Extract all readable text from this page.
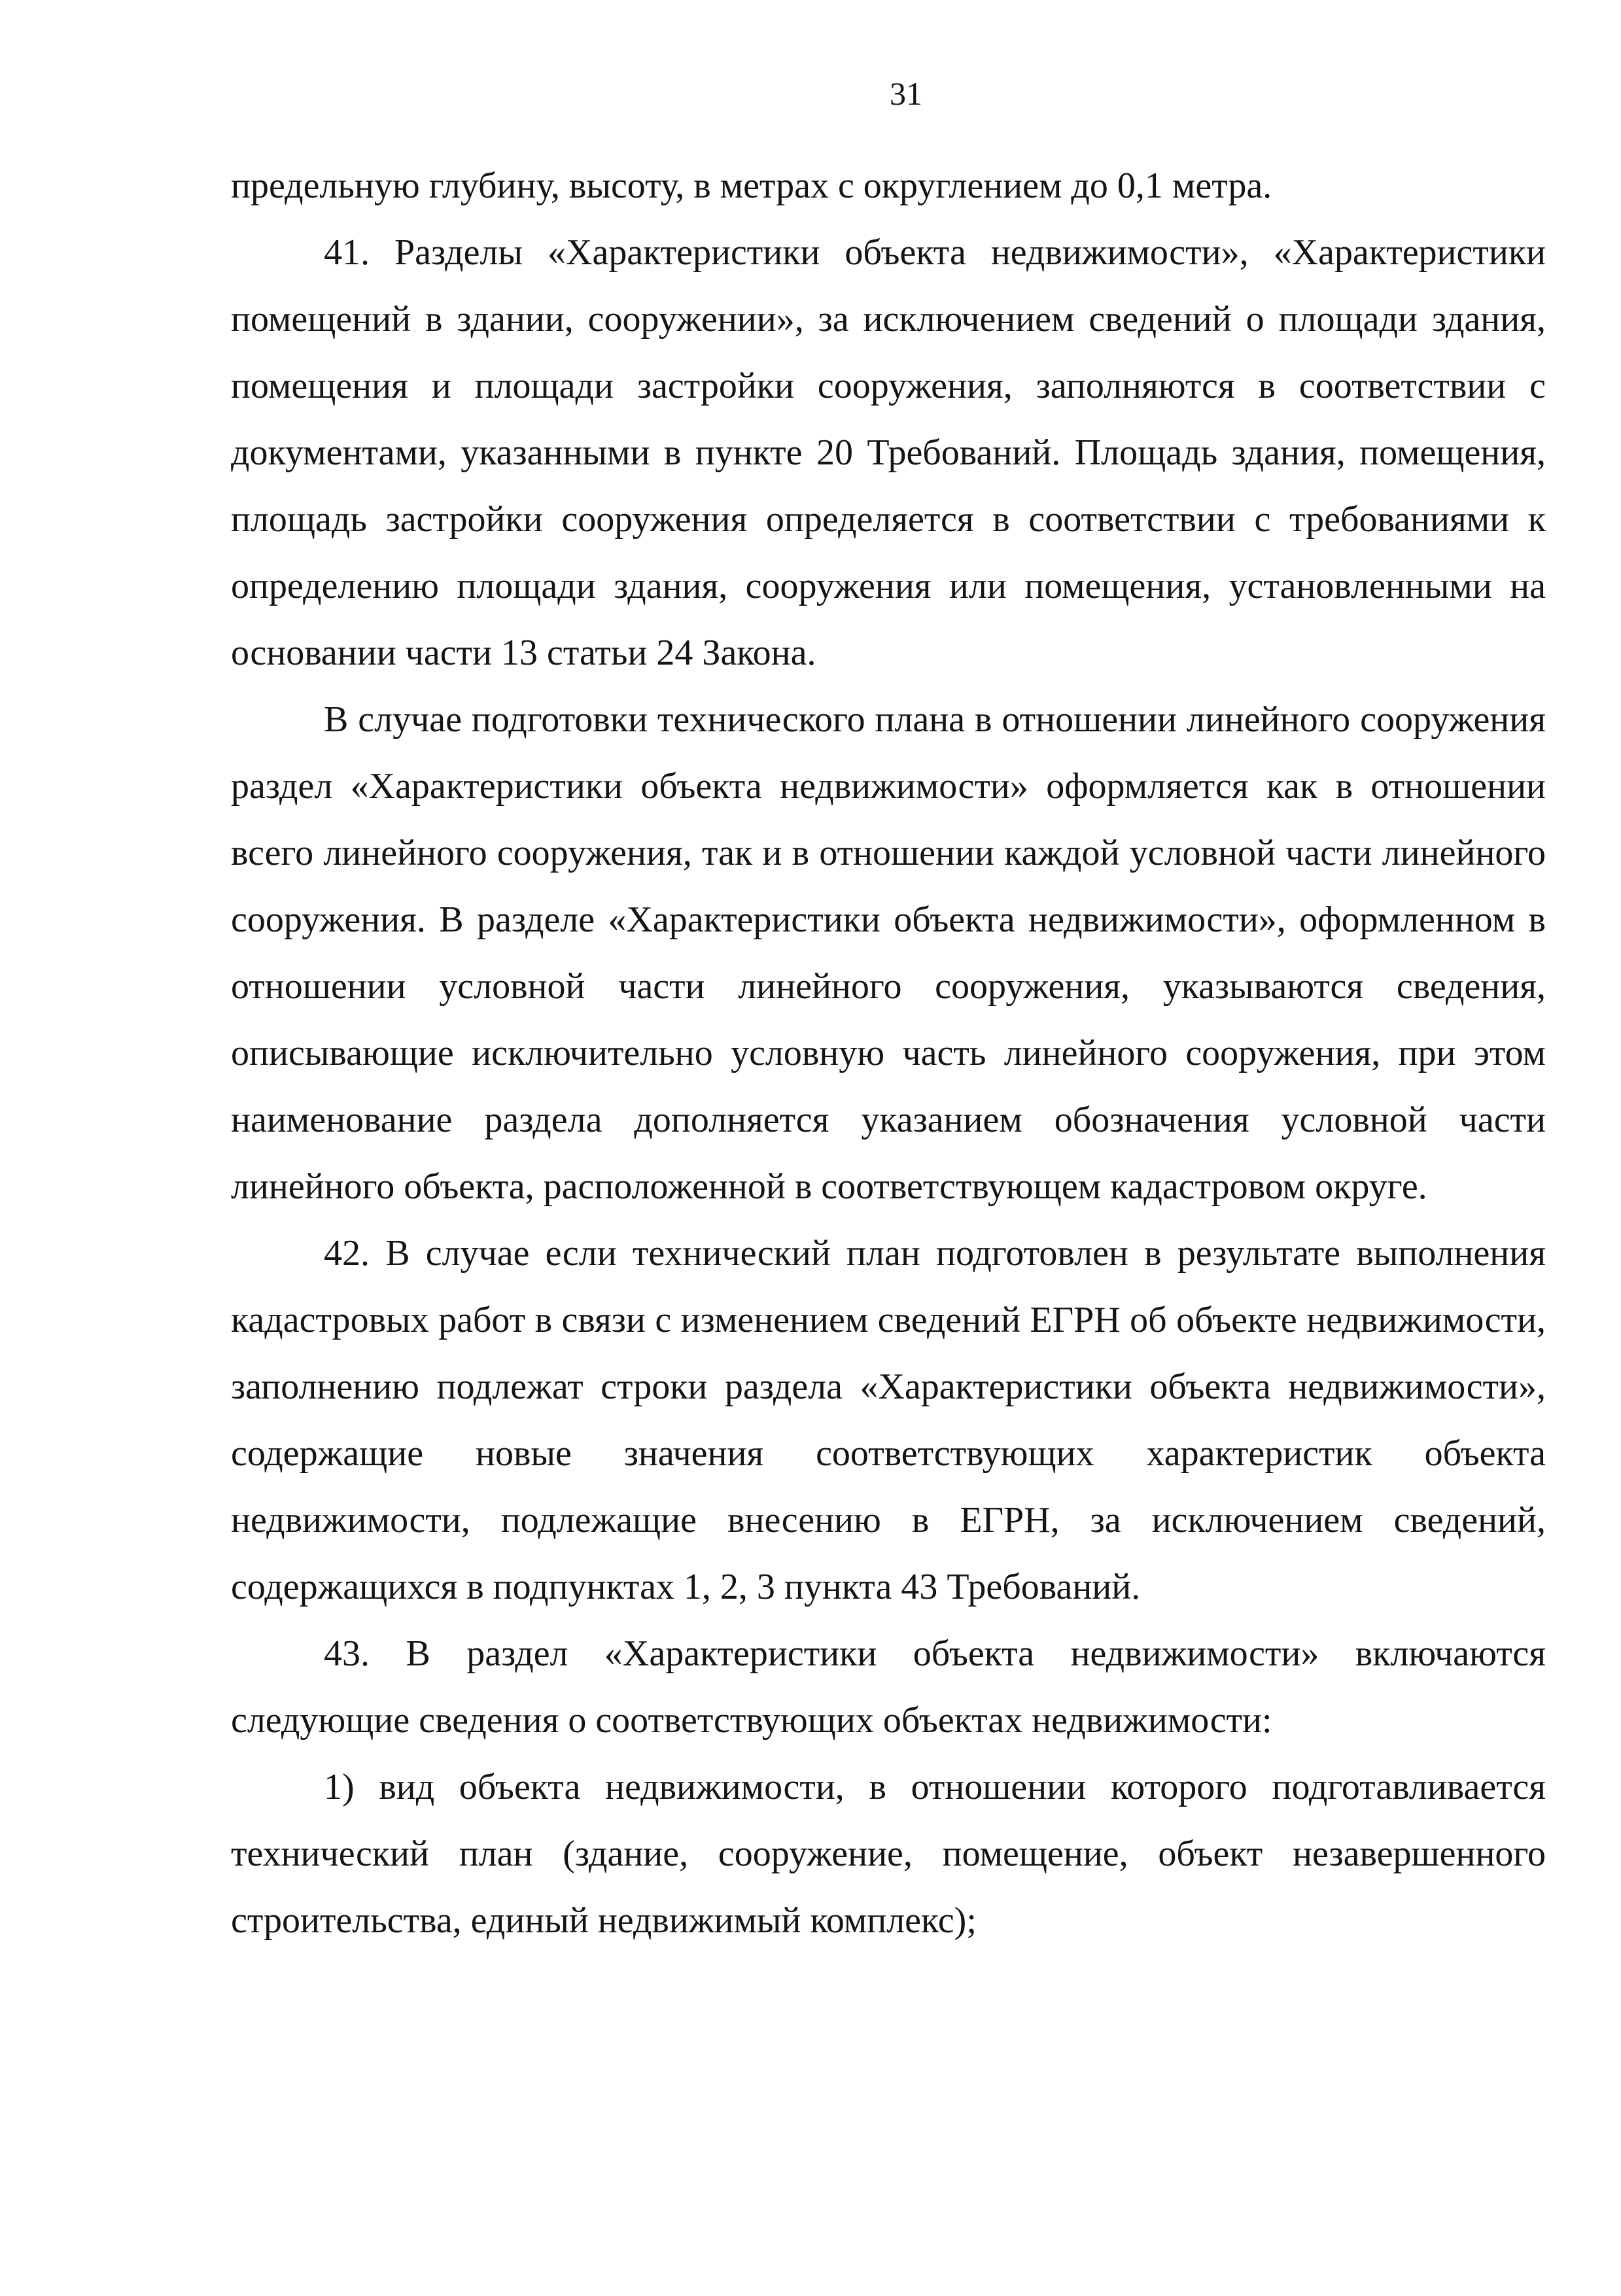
31

предельную глубину, высоту, в метрах с округлением до 0,1 метра.

41. Разделы «Характеристики объекта недвижимости», «Характеристики помещений в здании, сооружении», за исключением сведений о площади здания, помещения и площади застройки сооружения, заполняются в соответствии с документами, указанными в пункте 20 Требований. Площадь здания, помещения, площадь застройки сооружения определяется в соответствии с требованиями к определению площади здания, сооружения или помещения, установленными на основании части 13 статьи 24 Закона.

В случае подготовки технического плана в отношении линейного сооружения раздел «Характеристики объекта недвижимости» оформляется как в отношении всего линейного сооружения, так и в отношении каждой условной части линейного сооружения. В разделе «Характеристики объекта недвижимости», оформленном в отношении условной части линейного сооружения, указываются сведения, описывающие исключительно условную часть линейного сооружения, при этом наименование раздела дополняется указанием обозначения условной части линейного объекта, расположенной в соответствующем кадастровом округе.

42. В случае если технический план подготовлен в результате выполнения кадастровых работ в связи с изменением сведений ЕГРН об объекте недвижимости, заполнению подлежат строки раздела «Характеристики объекта недвижимости», содержащие новые значения соответствующих характеристик объекта недвижимости, подлежащие внесению в ЕГРН, за исключением сведений, содержащихся в подпунктах 1, 2, 3 пункта 43 Требований.

43. В раздел «Характеристики объекта недвижимости» включаются следующие сведения о соответствующих объектах недвижимости:

1) вид объекта недвижимости, в отношении которого подготавливается технический план (здание, сооружение, помещение, объект незавершенного строительства, единый недвижимый комплекс);
